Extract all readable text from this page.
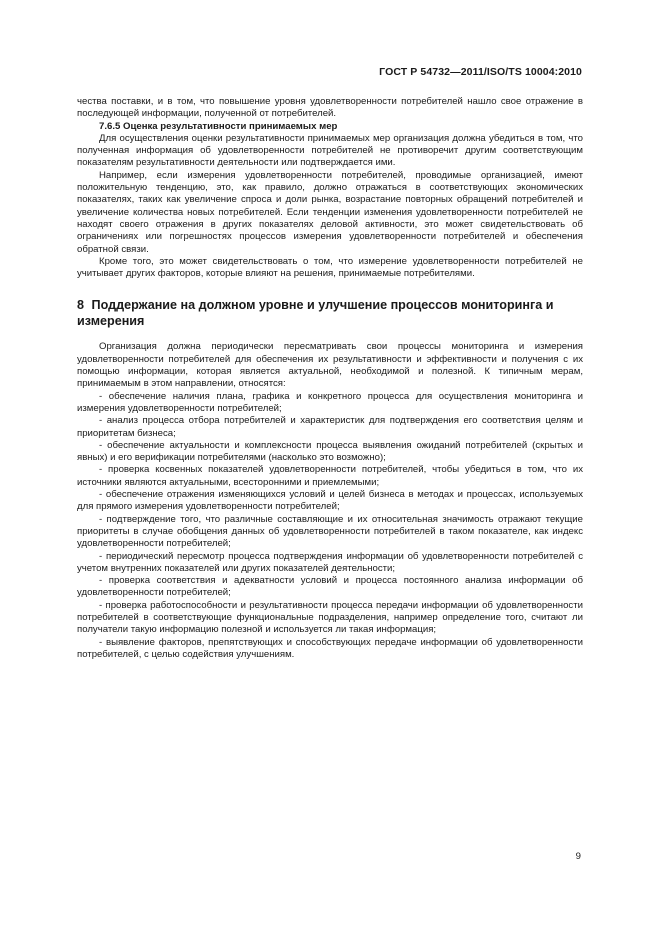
ГОСТ Р 54732—2011/ISO/TS 10004:2010

чества поставки, и в том, что повышение уровня удовлетворенности потребителей нашло свое отражение в последующей информации, полученной от потребителей.

7.6.5 Оценка результативности принимаемых мер

Для осуществления оценки результативности принимаемых мер организация должна убедиться в том, что полученная информация об удовлетворенности потребителей не противоречит другим соответствующим показателям результативности деятельности или подтверждается ими.

Например, если измерения удовлетворенности потребителей, проводимые организацией, имеют положительную тенденцию, это, как правило, должно отражаться в соответствующих экономических показателях, таких как увеличение спроса и доли рынка, возрастание повторных обращений потребителей и увеличение количества новых потребителей. Если тенденции изменения удовлетворенности потребителей не находят своего отражения в других показателях деловой активности, это может свидетельствовать об ограничениях или погрешностях процессов измерения удовлетворенности потребителей и обеспечения обратной связи.

Кроме того, это может свидетельствовать о том, что измерение удовлетворенности потребителей не учитывает других факторов, которые влияют на решения, принимаемые потребителями.

8 Поддержание на должном уровне и улучшение процессов мониторинга и измерения

Организация должна периодически пересматривать свои процессы мониторинга и измерения удовлетворенности потребителей для обеспечения их результативности и эффективности и получения с их помощью информации, которая является актуальной, необходимой и полезной. К типичным мерам, принимаемым в этом направлении, относятся:

- обеспечение наличия плана, графика и конкретного процесса для осуществления мониторинга и измерения удовлетворенности потребителей;

- анализ процесса отбора потребителей и характеристик для подтверждения его соответствия целям и приоритетам бизнеса;

- обеспечение актуальности и комплексности процесса выявления ожиданий потребителей (скрытых и явных) и его верификации потребителями (насколько это возможно);

- проверка косвенных показателей удовлетворенности потребителей, чтобы убедиться в том, что их источники являются актуальными, всесторонними и приемлемыми;

- обеспечение отражения изменяющихся условий и целей бизнеса в методах и процессах, используемых для прямого измерения удовлетворенности потребителей;

- подтверждение того, что различные составляющие и их относительная значимость отражают текущие приоритеты в случае обобщения данных об удовлетворенности потребителей в таком показателе, как индекс удовлетворенности потребителей;

- периодический пересмотр процесса подтверждения информации об удовлетворенности потребителей с учетом внутренних показателей или других показателей деятельности;

- проверка соответствия и адекватности условий и процесса постоянного анализа информации об удовлетворенности потребителей;

- проверка работоспособности и результативности процесса передачи информации об удовлетворенности потребителей в соответствующие функциональные подразделения, например определение того, считают ли получатели такую информацию полезной и используется ли такая информация;

- выявление факторов, препятствующих и способствующих передаче информации об удовлетворенности потребителей, с целью содействия улучшениям.

9
